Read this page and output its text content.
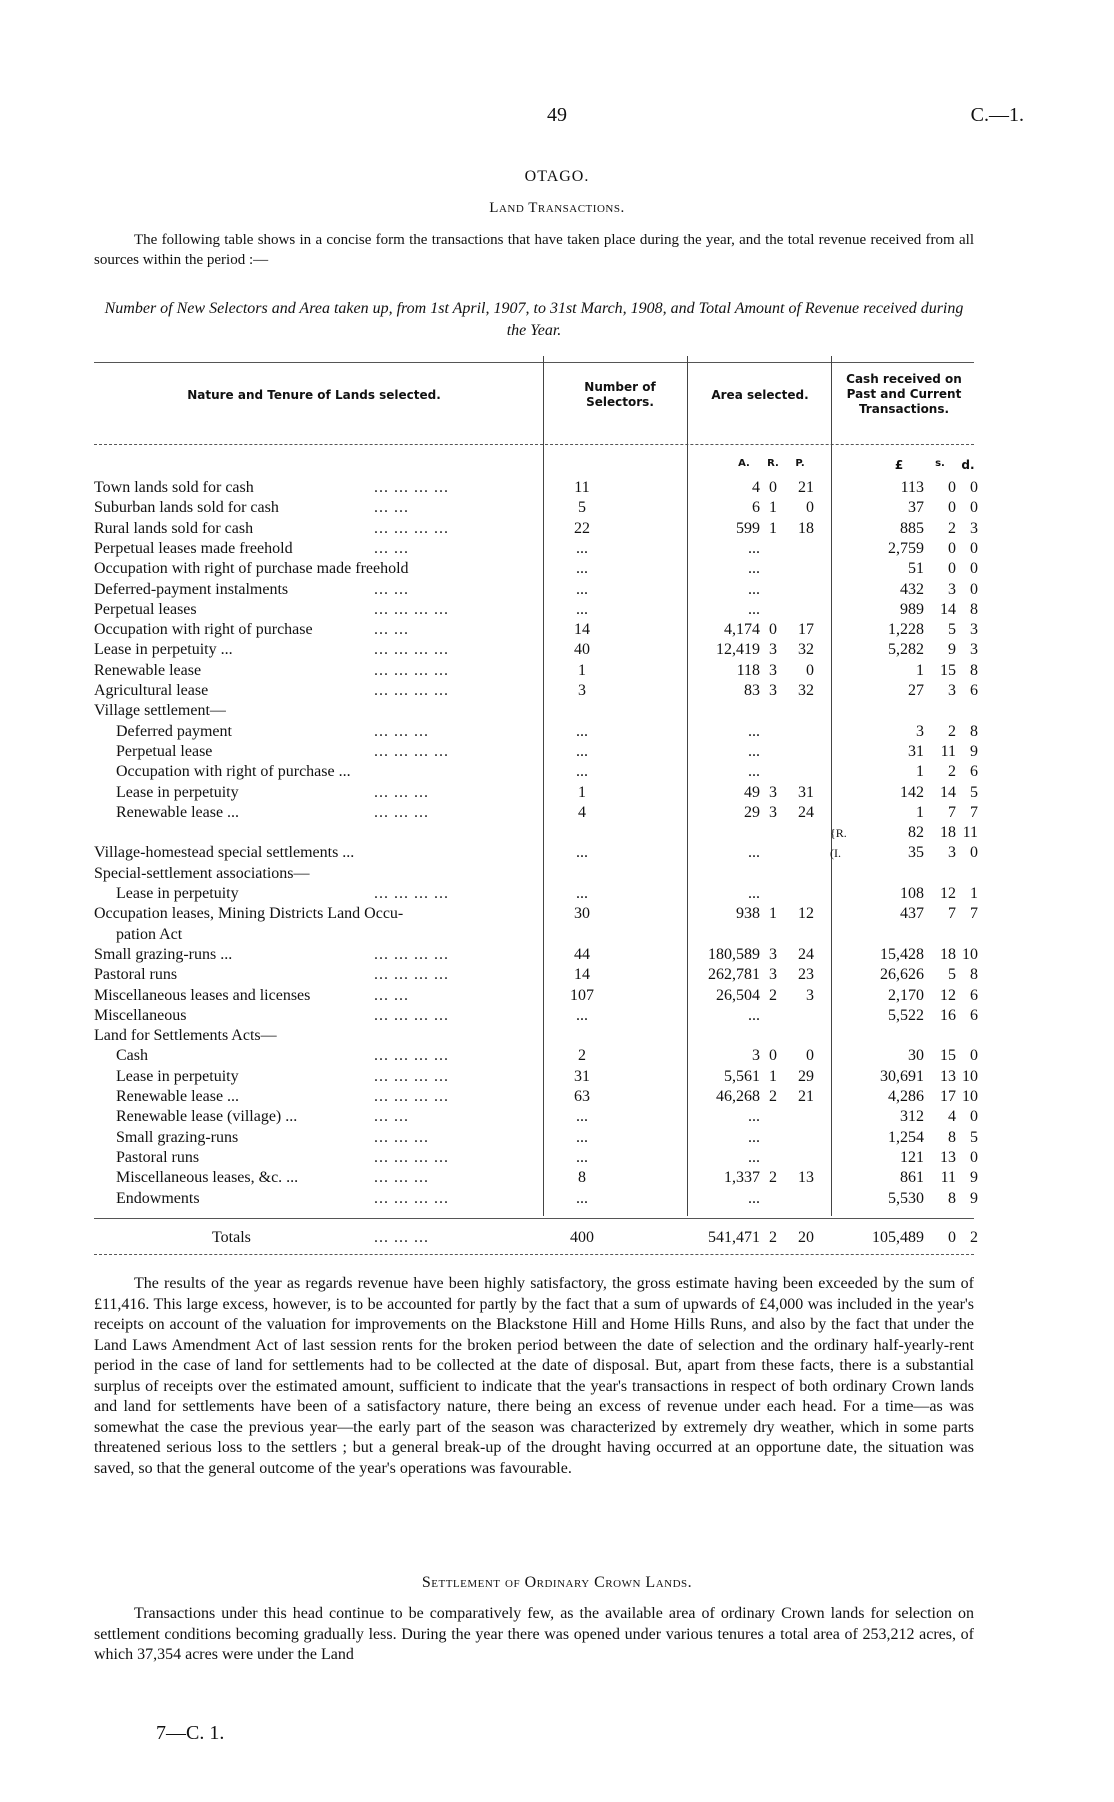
49	C.—1.
OTAGO.
Land Transactions.

The following table shows in a concise form the transactions that have taken place during the year, and the total revenue received from all sources within the period :—

Number of New Selectors and Area taken up, from 1st April, 1907, to 31st March, 1908, and Total Amount of Revenue received during the Year.

Nature and Tenure of Lands selected.
Number of Selectors.	Area selected.
Cash received on Past and Current Transactions.
A.	R.	P.	£	s.	d.
Town lands sold for cash	... ... ... ...	11	4 0	21	113	0 0
Suburban lands sold for cash	... ...	5	6 1	0	37	0 0
Rural lands sold for cash	... ... ... ...	22	599 1	18	885	2 3
Perpetual leases made freehold	... ...	...	...	2,759	0 0
Occupation with right of purchase made freehold	...	...	51	0 0
Deferred-payment instalments	... ...	...	...	432	3 0
Perpetual leases	... ... ... ...	...	...	989	14 8
Occupation with right of purchase	... ...	14	4,174 0	17	1,228	5 3
Lease in perpetuity ...	... ... ... ...	40	12,419 3	32	5,282	9 3
Renewable lease	... ... ... ...	1	118 3	0	1	15 8
Agricultural lease	... ... ... ...	3	83 3	32	27	3 6
Village settlement—
Deferred payment	... ... ...	...	...	3	2 8
Perpetual lease	... ... ... ...	...	...	31	11 9
Occupation with right of purchase ...	...	...	1	2 6
Lease in perpetuity	... ... ...	1	49 3	31	142	14 5
Renewable lease ...	... ... ...	4	29 3	24	1	7 7
{R.	82	18 11
Village-homestead special settlements ...	...	...	(I.	35	3 0
Special-settlement associations—
Lease in perpetuity	... ... ... ...	...	...	108	12 1
Occupation leases, Mining Districts Land Occu-	30	938 1	12	437	7 7
pation Act
Small grazing-runs ...	... ... ... ...	44	180,589 3	24	15,428	18 10
Pastoral runs	... ... ... ...	14	262,781 3	23	26,626	5 8
Miscellaneous leases and licenses	... ...	107	26,504 2	3	2,170	12 6
Miscellaneous	... ... ... ...	...	...	5,522	16 6
Land for Settlements Acts—
Cash	... ... ... ...	2	3 0	0	30	15 0
Lease in perpetuity	... ... ... ...	31	5,561 1	29	30,691	13 10
Renewable lease ...	... ... ... ...	63	46,268 2	21	4,286	17 10
Renewable lease (village) ...	... ...	...	...	312	4 0
Small grazing-runs	... ... ...	...	...	1,254	8 5
Pastoral runs	... ... ... ...	...	...	121	13 0
Miscellaneous leases, &c. ...	... ... ...	8	1,337 2	13	861	11 9
Endowments	... ... ... ...	...	...	5,530	8 9
Totals	... ... ...	400	541,471 2	20	105,489	0 2

The results of the year as regards revenue have been highly satisfactory, the gross estimate having been exceeded by the sum of £11,416. This large excess, however, is to be accounted for partly by the fact that a sum of upwards of £4,000 was included in the year's receipts on account of the valuation for improvements on the Blackstone Hill and Home Hills Runs, and also by the fact that under the Land Laws Amendment Act of last session rents for the broken period between the date of selection and the ordinary half-yearly-rent period in the case of land for settlements had to be collected at the date of disposal. But, apart from these facts, there is a substantial surplus of receipts over the estimated amount, sufficient to indicate that the year's transactions in respect of both ordinary Crown lands and land for settlements have been of a satisfactory nature, there being an excess of revenue under each head. For a time—as was somewhat the case the previous year—the early part of the season was characterized by extremely dry weather, which in some parts threatened serious loss to the settlers ; but a general break-up of the drought having occurred at an opportune date, the situation was saved, so that the general outcome of the year's operations was favourable.

Settlement of Ordinary Crown Lands.

Transactions under this head continue to be comparatively few, as the available area of ordinary Crown lands for selection on settlement conditions becoming gradually less. During the year there was opened under various tenures a total area of 253,212 acres, of which 37,354 acres were under the Land

7—C. 1.
